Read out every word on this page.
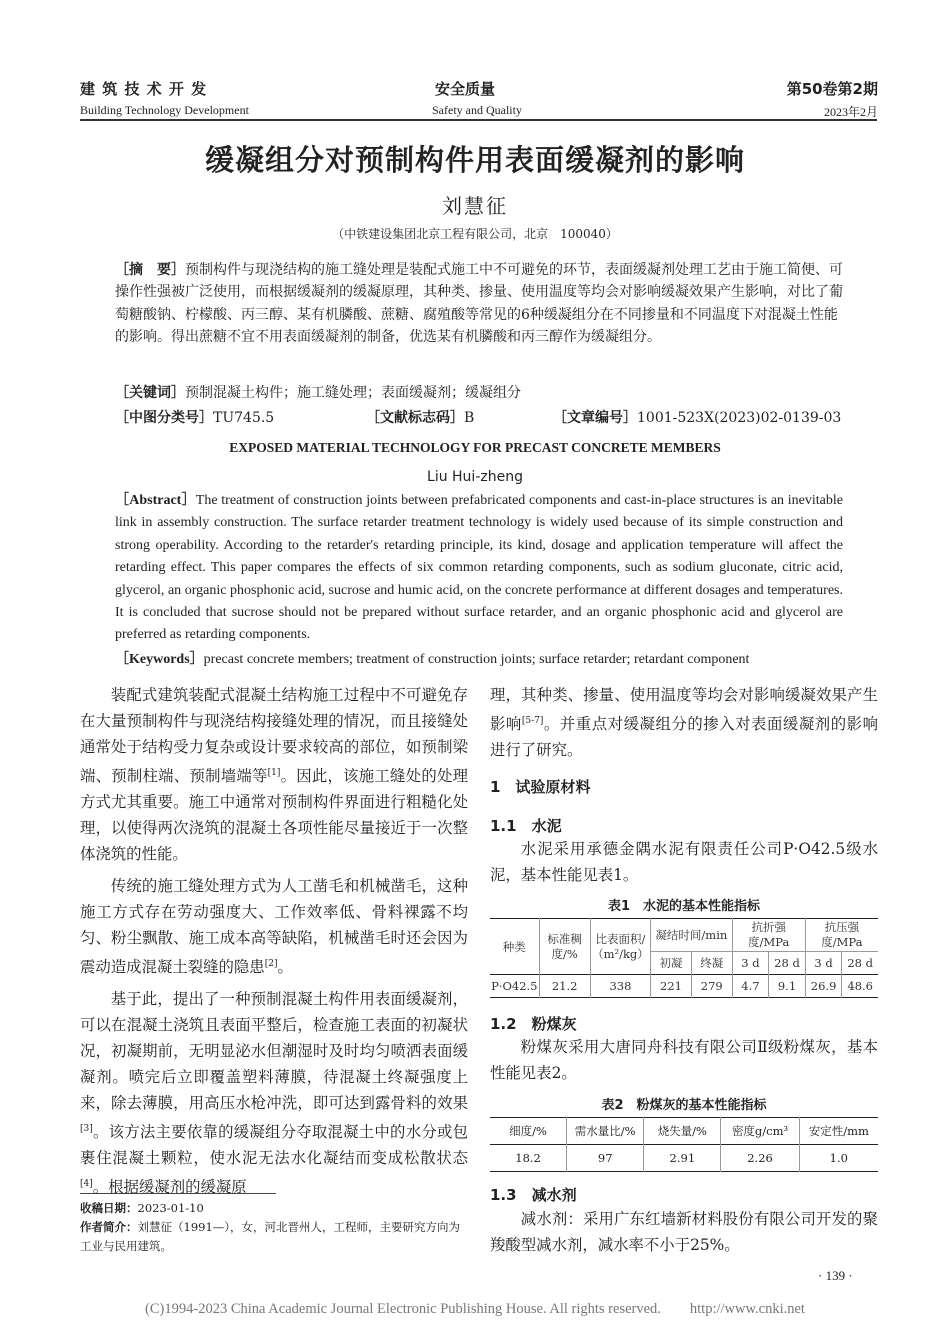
建 筑 技 术 开 发
Building Technology Development
安全质量
Safety and Quality
第50卷第2期
2023年2月
缓凝组分对预制构件用表面缓凝剂的影响
刘慧征
（中铁建设集团北京工程有限公司，北京　100040）
［摘　要］预制构件与现浇结构的施工缝处理是装配式施工中不可避免的环节，表面缓凝剂处理工艺由于施工简便、可操作性强被广泛使用，而根据缓凝剂的缓凝原理，其种类、掺量、使用温度等均会对影响缓凝效果产生影响，对比了葡萄糖酸钠、柠檬酸、丙三醇、某有机膦酸、蔗糖、腐殖酸等常见的6种缓凝组分在不同掺量和不同温度下对混凝土性能的影响。得出蔗糖不宜不用表面缓凝剂的制备，优选某有机膦酸和丙三醇作为缓凝组分。
［关键词］预制混凝土构件；施工缝处理；表面缓凝剂；缓凝组分
［中图分类号］TU745.5	［文献标志码］B	［文章编号］1001-523X(2023)02-0139-03
EXPOSED MATERIAL TECHNOLOGY FOR PRECAST CONCRETE MEMBERS
Liu Hui-zheng
［Abstract］The treatment of construction joints between prefabricated components and cast-in-place structures is an inevitable link in assembly construction. The surface retarder treatment technology is widely used because of its simple construction and strong operability. According to the retarder's retarding principle, its kind, dosage and application temperature will affect the retarding effect. This paper compares the effects of six common retarding components, such as sodium gluconate, citric acid, glycerol, an organic phosphonic acid, sucrose and humic acid, on the concrete performance at different dosages and temperatures. It is concluded that sucrose should not be prepared without surface retarder, and an organic phosphonic acid and glycerol are preferred as retarding components.
［Keywords］precast concrete members; treatment of construction joints; surface retarder; retardant component

装配式建筑装配式混凝土结构施工过程中不可避免存在大量预制构件与现浇结构接缝处理的情况，而且接缝处通常处于结构受力复杂或设计要求较高的部位，如预制梁端、预制柱端、预制墙端等[1]。因此，该施工缝处的处理方式尤其重要。施工中通常对预制构件界面进行粗糙化处理，以使得两次浇筑的混凝土各项性能尽量接近于一次整体浇筑的性能。

传统的施工缝处理方式为人工凿毛和机械凿毛，这种施工方式存在劳动强度大、工作效率低、骨料裸露不均匀、粉尘飘散、施工成本高等缺陷，机械凿毛时还会因为震动造成混凝土裂缝的隐患[2]。

基于此，提出了一种预制混凝土构件用表面缓凝剂，可以在混凝土浇筑且表面平整后，检查施工表面的初凝状况，初凝期前，无明显泌水但潮湿时及时均匀喷洒表面缓凝剂。喷完后立即覆盖塑料薄膜，待混凝土终凝强度上来，除去薄膜，用高压水枪冲洗，即可达到露骨料的效果[3]。该方法主要依靠的缓凝组分夺取混凝土中的水分或包裹住混凝土颗粒，使水泥无法水化凝结而变成松散状态[4]。根据缓凝剂的缓凝原

收稿日期：2023-01-10
作者简介：刘慧征（1991—），女，河北晋州人，工程师，主要研究方向为工业与民用建筑。

理，其种类、掺量、使用温度等均会对影响缓凝效果产生影响[5-7]。并重点对缓凝组分的掺入对表面缓凝剂的影响进行了研究。

1　试验原材料
1.1　水泥

水泥采用承德金隅水泥有限责任公司P·O42.5级水泥，基本性能见表1。

表1　水泥的基本性能指标
种类	标准稠度/%	比表面积/（m²/kg）	凝结时间/min		抗折强度/MPa		抗压强度/MPa	
			初凝	终凝	3 d	28 d	3 d	28 d
P·O42.5	21.2	338	221	279	4.7	9.1	26.9	48.6
1.2　粉煤灰

粉煤灰采用大唐同舟科技有限公司Ⅱ级粉煤灰，基本性能见表2。

表2　粉煤灰的基本性能指标
细度/%	需水量比/%	烧失量/%	密度g/cm³	安定性/mm
18.2	97	2.91	2.26	1.0
1.3　减水剂

减水剂：采用广东红墙新材料股份有限公司开发的聚羧酸型减水剂，减水率不小于25%。

· 139 ·
(C)1994-2023 China Academic Journal Electronic Publishing House. All rights reserved.　　http://www.cnki.net
